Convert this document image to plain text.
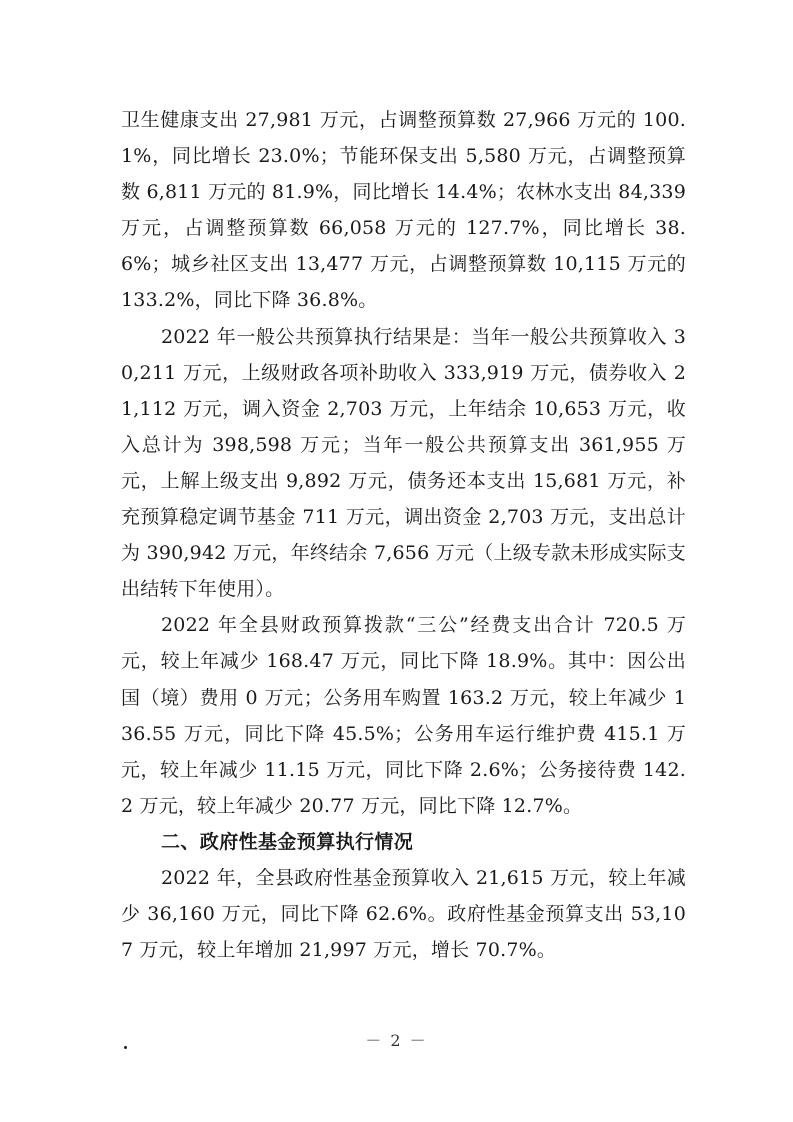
卫生健康支出 27,981 万元，占调整预算数 27,966 万元的 100.1%，同比增长 23.0%；节能环保支出 5,580 万元，占调整预算数 6,811 万元的 81.9%，同比增长 14.4%；农林水支出 84,339 万元，占调整预算数 66,058 万元的 127.7%，同比增长 38.6%；城乡社区支出 13,477 万元，占调整预算数 10,115 万元的 133.2%，同比下降 36.8%。

2022 年一般公共预算执行结果是：当年一般公共预算收入 30,211 万元，上级财政各项补助收入 333,919 万元，债券收入 21,112 万元，调入资金 2,703 万元，上年结余 10,653 万元，收入总计为 398,598 万元；当年一般公共预算支出 361,955 万元，上解上级支出 9,892 万元，债务还本支出 15,681 万元，补充预算稳定调节基金 711 万元，调出资金 2,703 万元，支出总计为 390,942 万元，年终结余 7,656 万元（上级专款未形成实际支出结转下年使用）。

2022 年全县财政预算拨款“三公”经费支出合计 720.5 万元，较上年减少 168.47 万元，同比下降 18.9%。其中：因公出国（境）费用 0 万元；公务用车购置 163.2 万元，较上年减少 136.55 万元，同比下降 45.5%；公务用车运行维护费 415.1 万元，较上年减少 11.15 万元，同比下降 2.6%；公务接待费 142.2 万元，较上年减少 20.77 万元，同比下降 12.7%。

二、政府性基金预算执行情况

2022 年，全县政府性基金预算收入 21,615 万元，较上年减少 36,160 万元，同比下降 62.6%。政府性基金预算支出 53,107 万元，较上年增加 21,997 万元，增长 70.7%。

－ 2 －
